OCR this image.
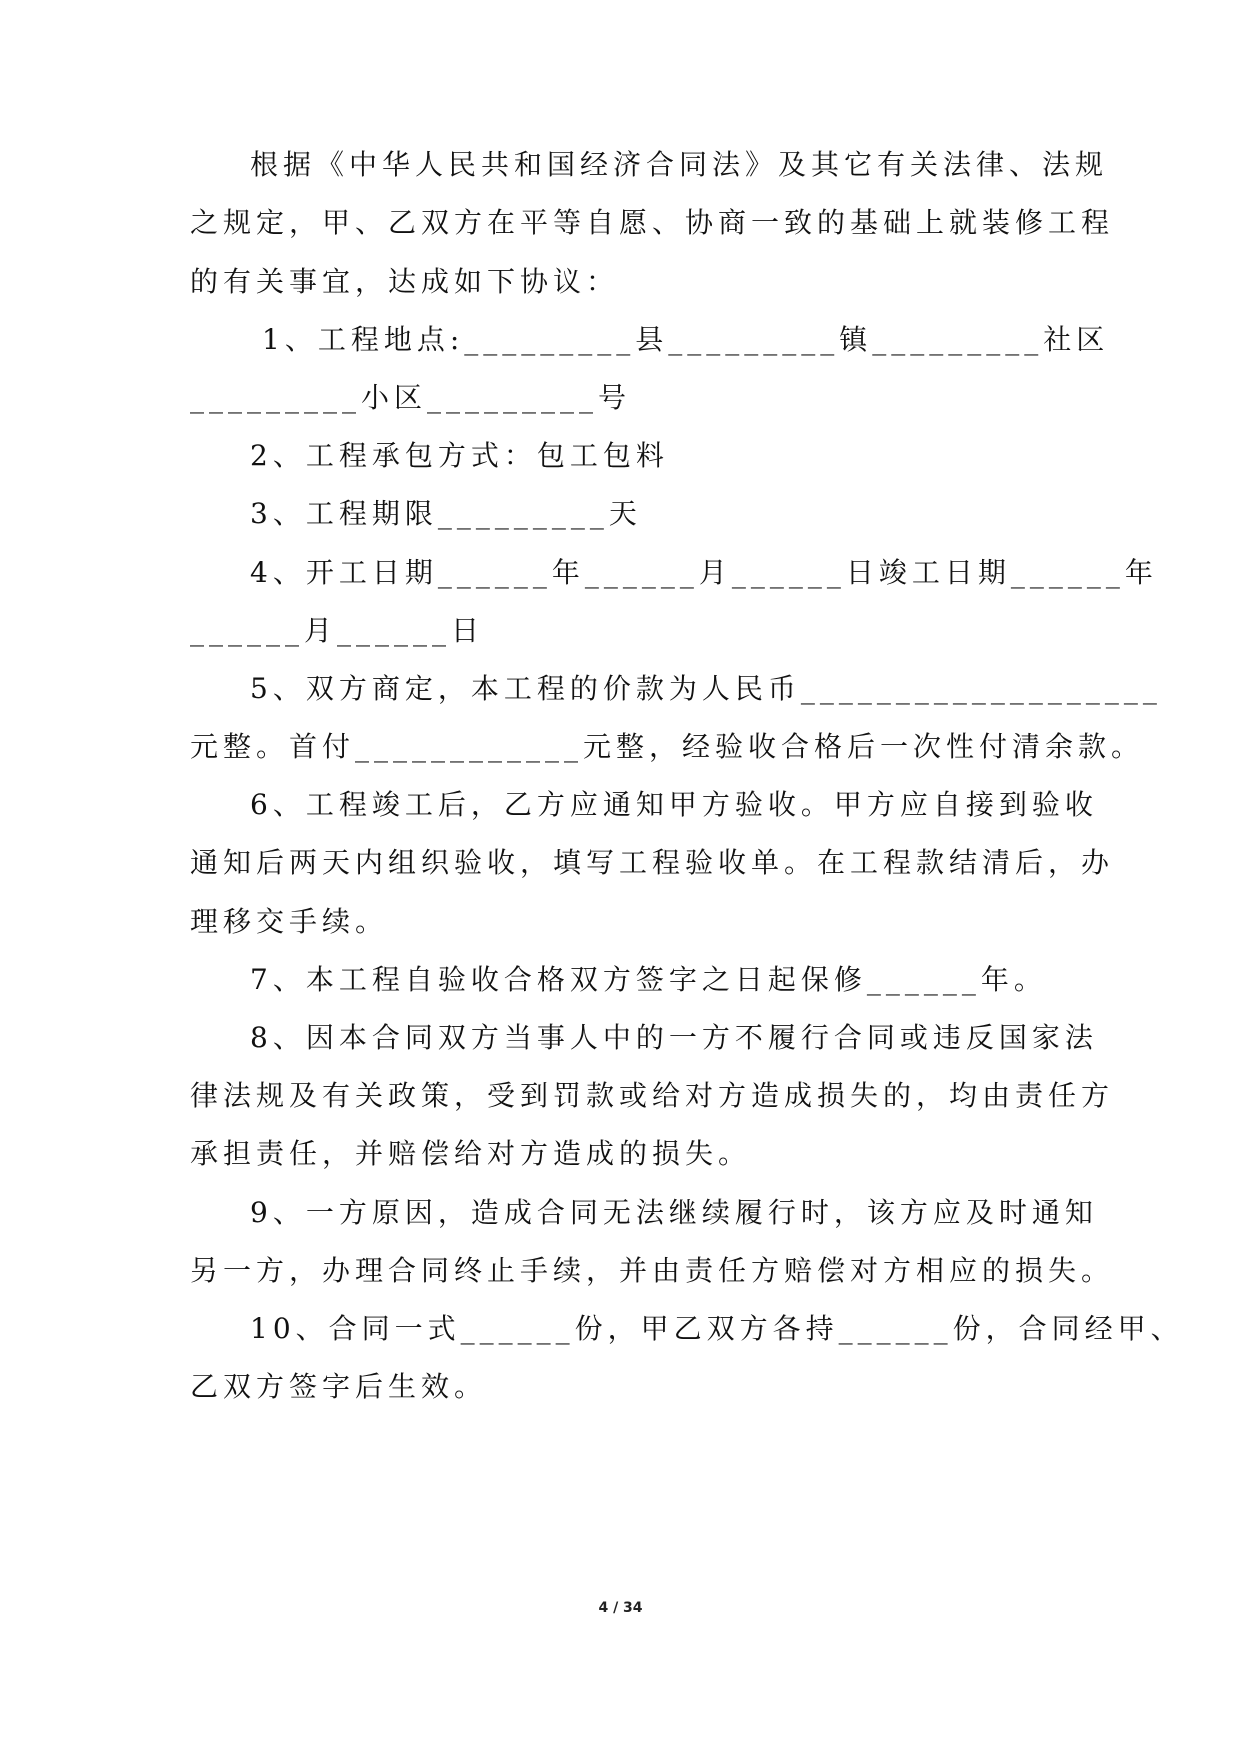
根据《中华人民共和国经济合同法》及其它有关法律、法规
之规定，甲、乙双方在平等自愿、协商一致的基础上就装修工程
的有关事宜，达成如下协议：
1、工程地点:_________县_________镇_________社区
_________小区_________号
2、工程承包方式：包工包料
3、工程期限_________天
4、开工日期______年______月______日竣工日期______年
______月______日
5、双方商定，本工程的价款为人民币___________________
元整。首付____________元整，经验收合格后一次性付清余款。
6、工程竣工后，乙方应通知甲方验收。甲方应自接到验收
通知后两天内组织验收，填写工程验收单。在工程款结清后，办
理移交手续。
7、本工程自验收合格双方签字之日起保修______年。
8、因本合同双方当事人中的一方不履行合同或违反国家法
律法规及有关政策，受到罚款或给对方造成损失的，均由责任方
承担责任，并赔偿给对方造成的损失。
9、一方原因，造成合同无法继续履行时，该方应及时通知
另一方，办理合同终止手续，并由责任方赔偿对方相应的损失。
10、合同一式______份，甲乙双方各持______份，合同经甲、
乙双方签字后生效。
4 / 34
